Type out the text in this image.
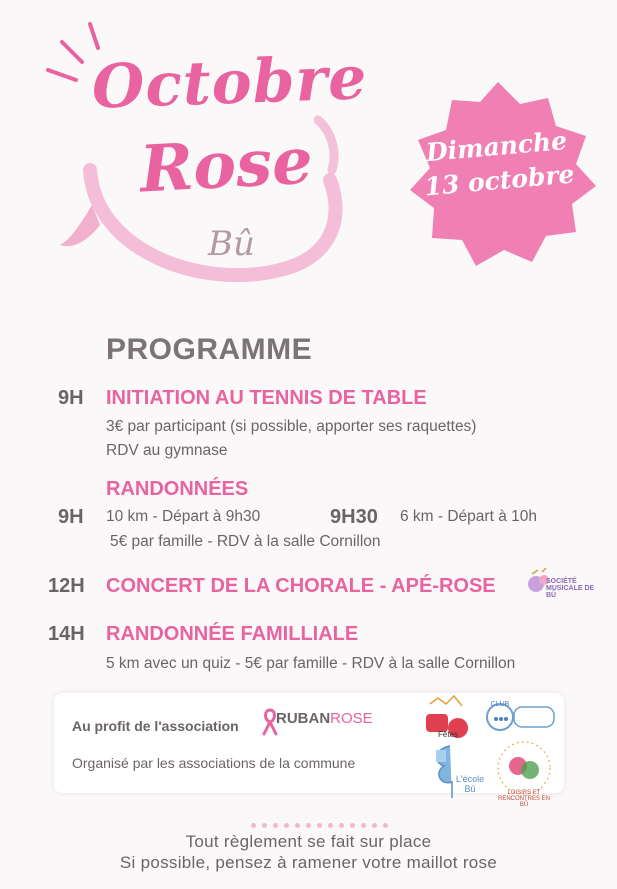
Octobre
Rose
Bû
Dimanche
13 octobre
PROGRAMME
9H INITIATION AU TENNIS DE TABLE
3€ par participant (si possible, apporter ses raquettes)
RDV au gymnase
RANDONNÉES
9H 10 km - Départ à 9h30	9H30 6 km - Départ à 10h
5€ par famille - RDV à la salle Cornillon
12H CONCERT DE LA CHORALE - APÉ-ROSE	SOCIÉTÉ MUSICALE DE BÛ
14H RANDONNÉE FAMILLIALE
5 km avec un quiz - 5€ par famille - RDV à la salle Cornillon
Au profit de l'association RUBANROSE
Organisé par les associations de la commune
Fêtes
CLUB
L'école
Bû	LOISIRS ET RENCONTRES EN BÛ
Tout règlement se fait sur place
Si possible, pensez à ramener votre maillot rose
